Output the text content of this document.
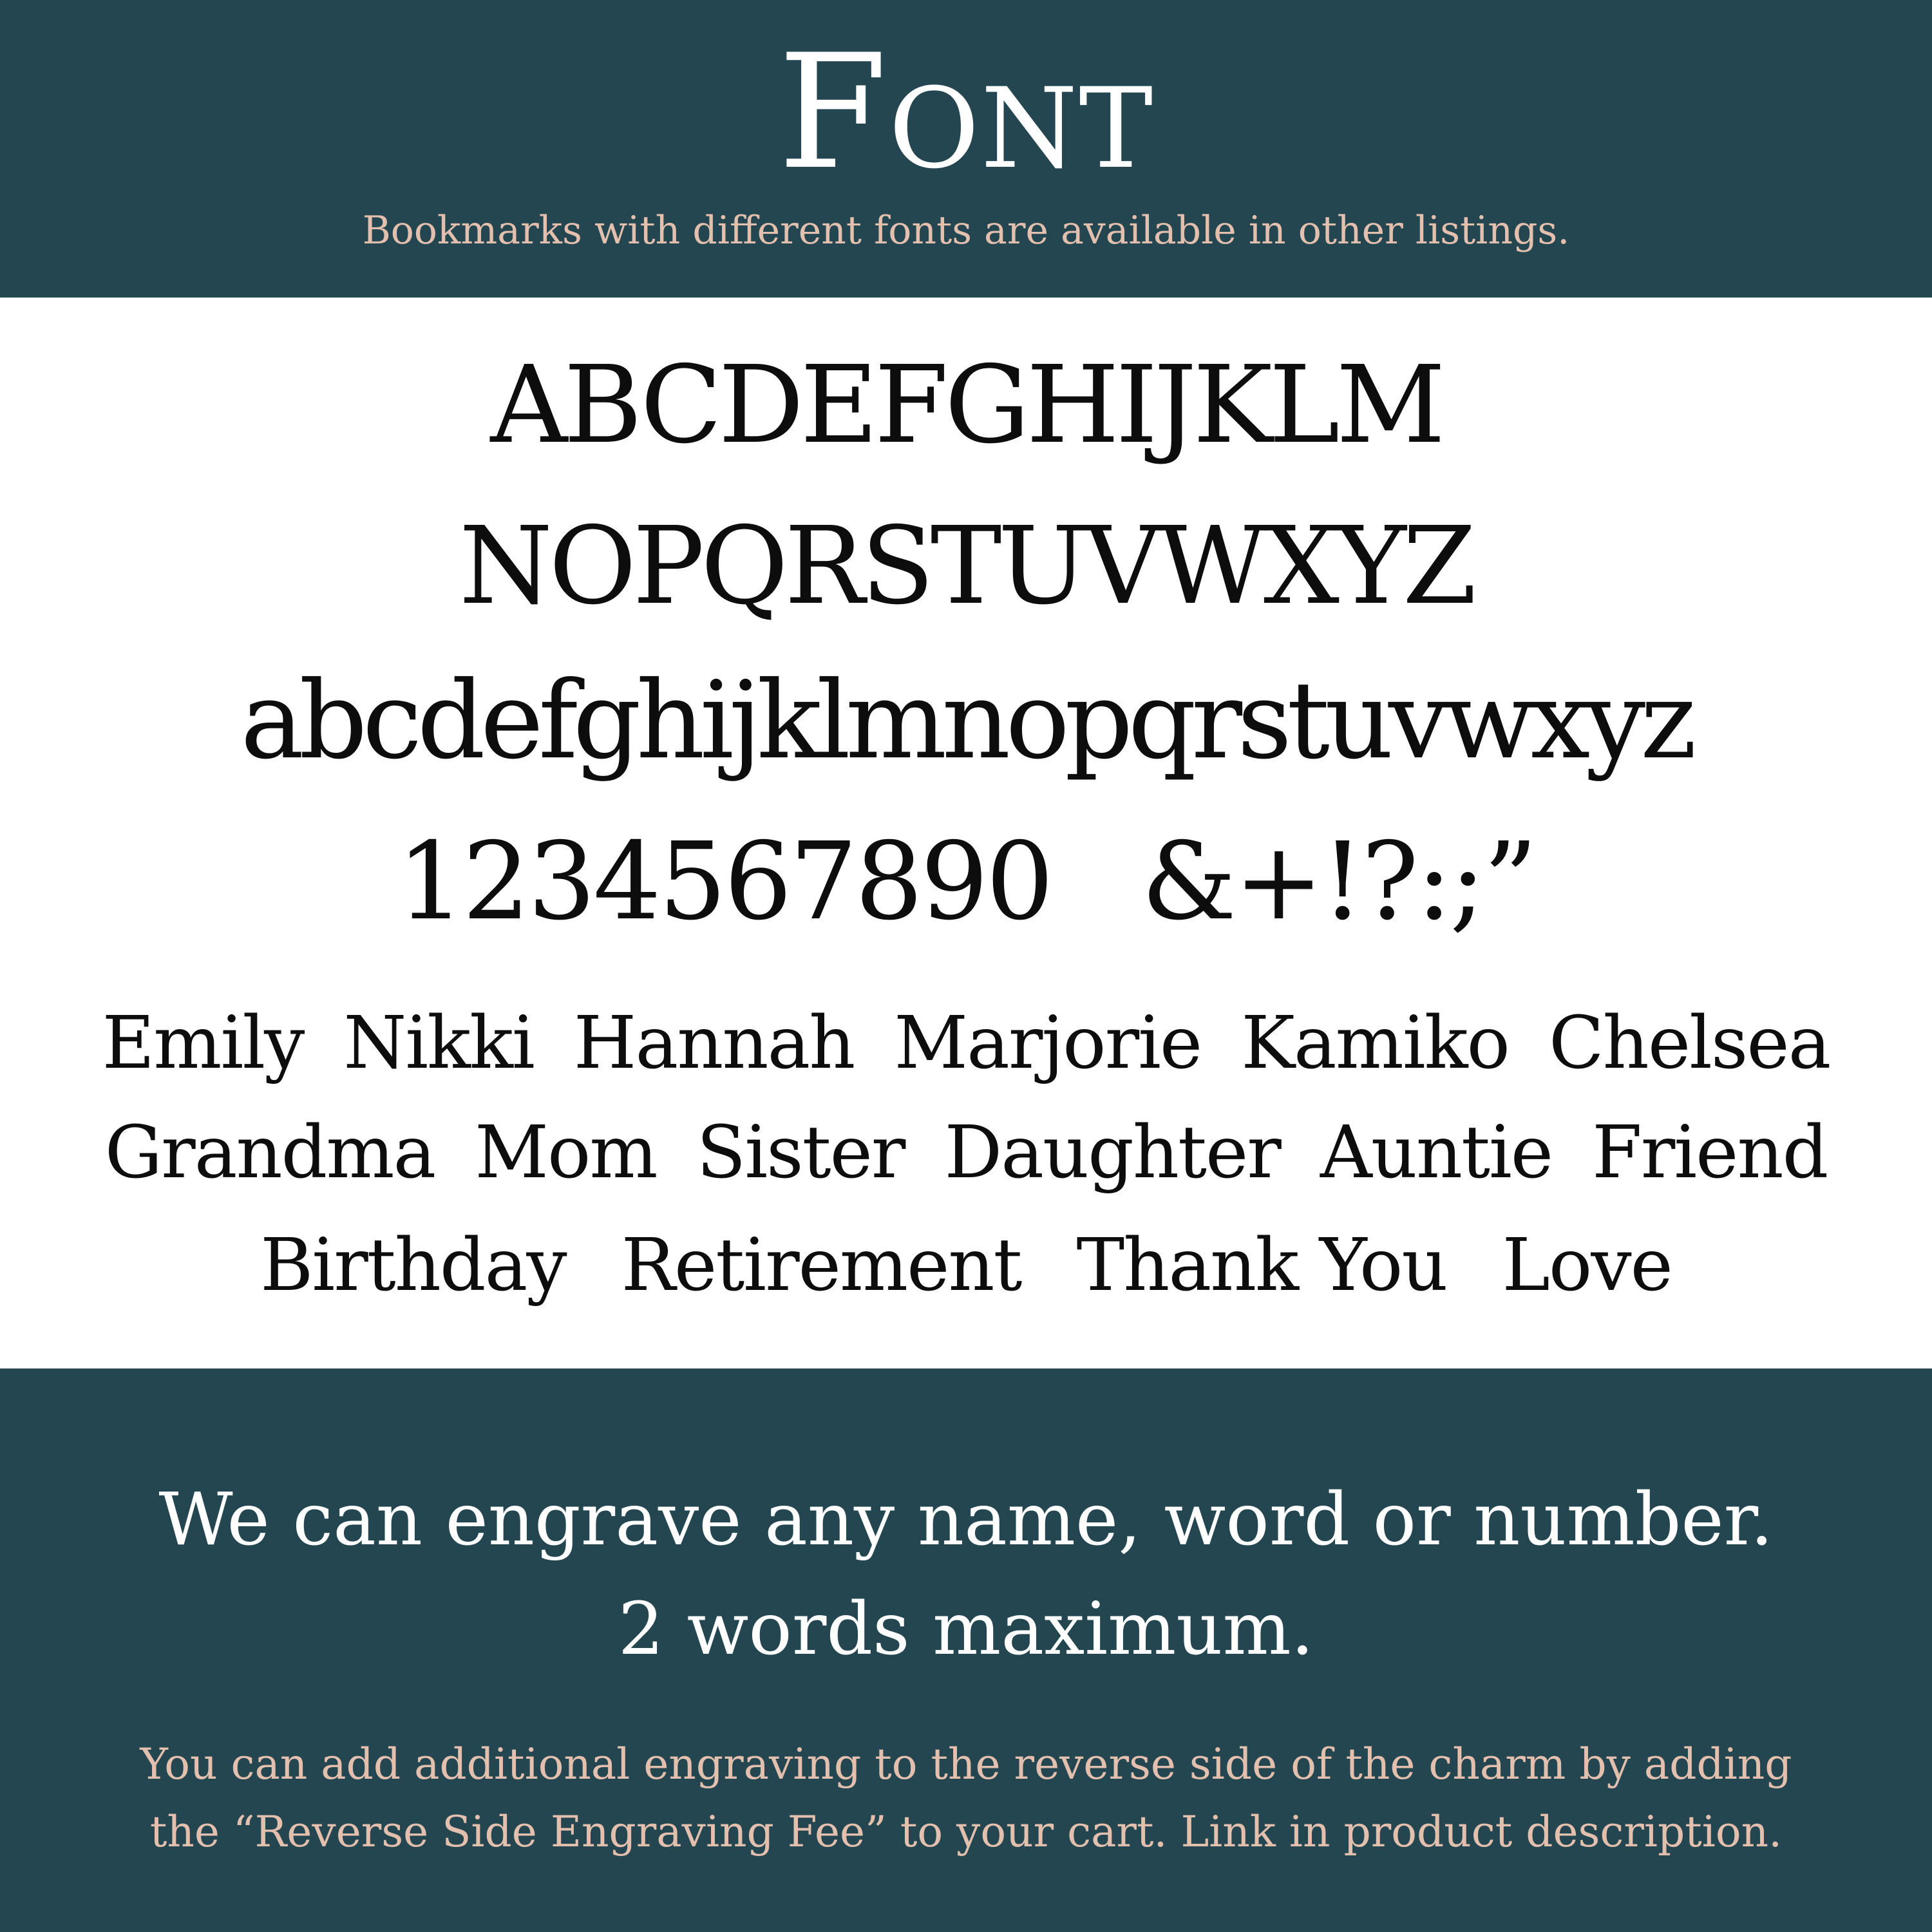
Font
Bookmarks with different fonts are available in other listings.
ABCDEFGHIJKLM
NOPQRSTUVWXYZ
abcdefghijklmnopqrstuvwxyz
1234567890 &+!?:;”
Emily Nikki Hannah Marjorie Kamiko Chelsea
Grandma Mom Sister Daughter Auntie Friend
Birthday Retirement Thank You Love
We can engrave any name, word or number.
2 words maximum.
You can add additional engraving to the reverse side of the charm by adding
the “Reverse Side Engraving Fee” to your cart. Link in product description.
